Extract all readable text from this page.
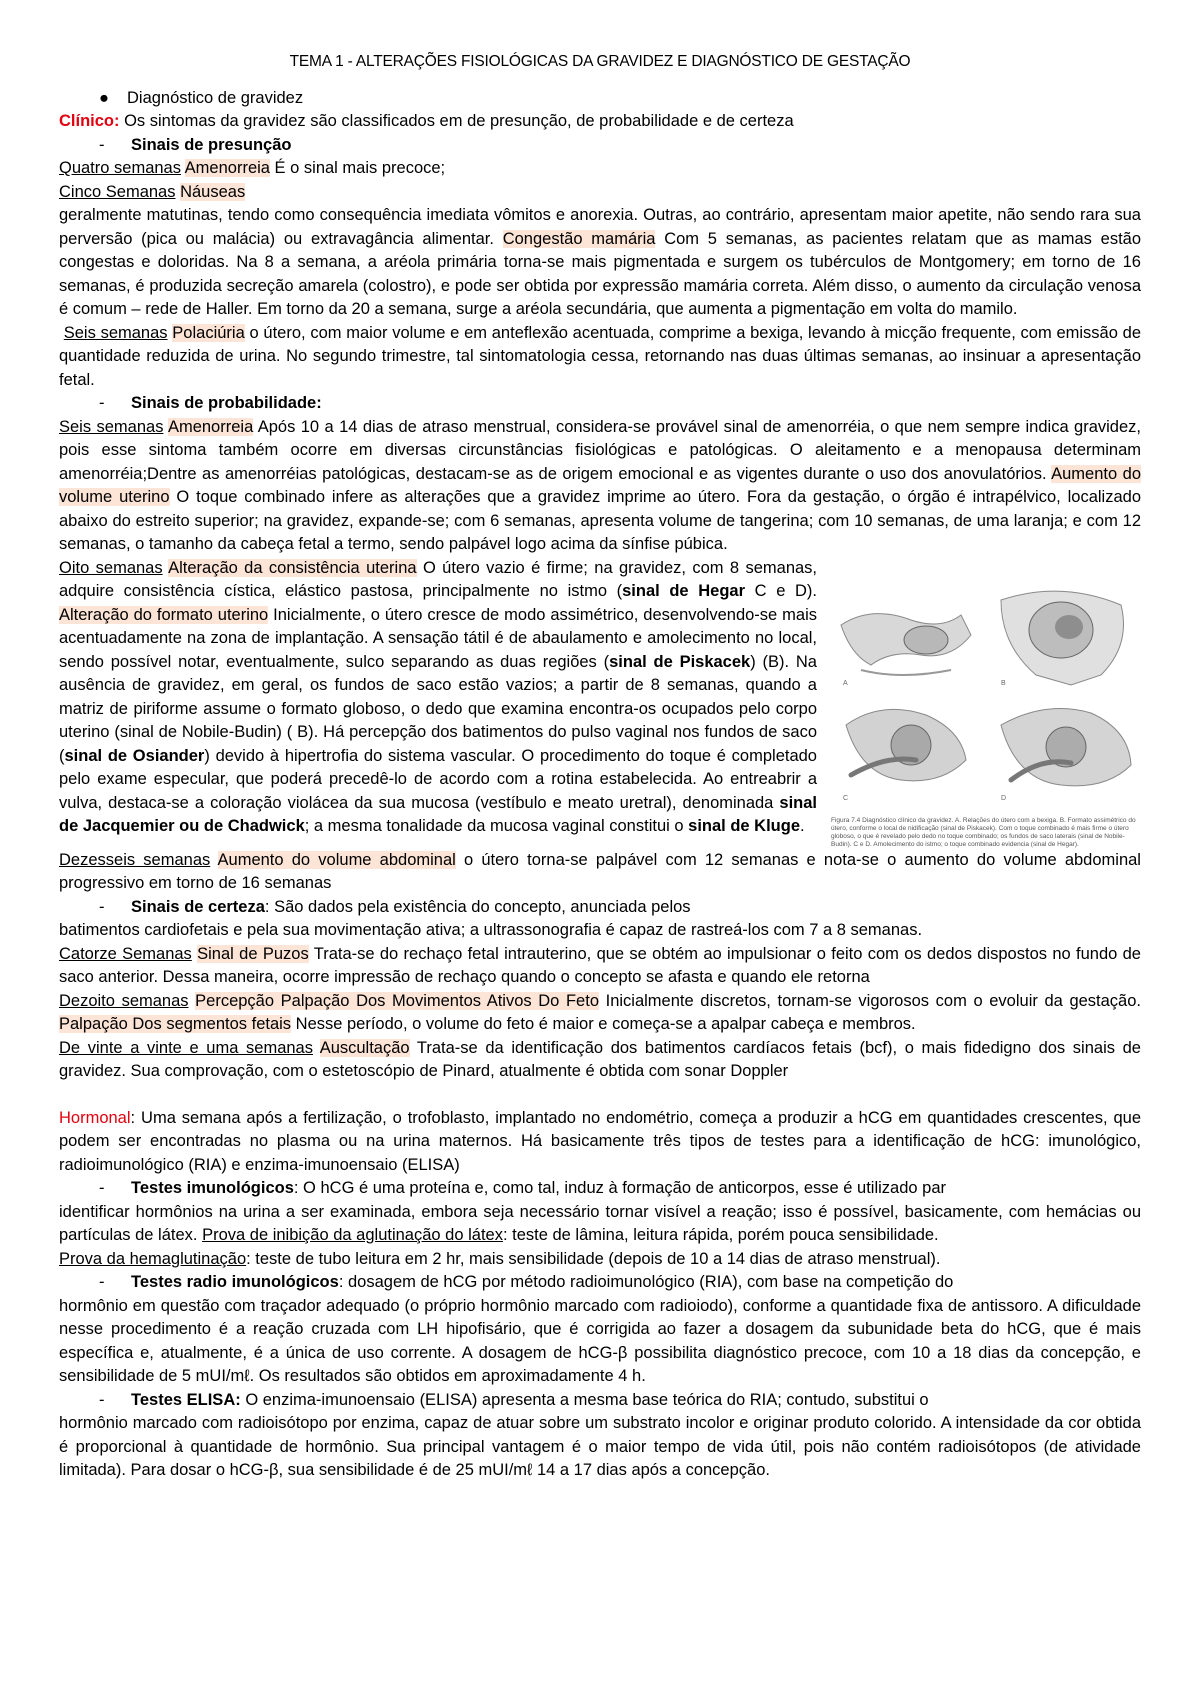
TEMA 1 - ALTERAÇÕES FISIOLÓGICAS DA GRAVIDEZ E DIAGNÓSTICO DE GESTAÇÃO

● Diagnóstico de gravidez

Clínico: Os sintomas da gravidez são classificados em de presunção, de probabilidade e de certeza

- Sinais de presunção

Quatro semanas Amenorreia É o sinal mais precoce;

Cinco Semanas Náuseas

geralmente matutinas, tendo como consequência imediata vômitos e anorexia. Outras, ao contrário, apresentam maior apetite, não sendo rara sua perversão (pica ou malácia) ou extravagância alimentar. Congestão mamária Com 5 semanas, as pacientes relatam que as mamas estão congestas e doloridas. Na 8 a semana, a aréola primária torna-se mais pigmentada e surgem os tubérculos de Montgomery; em torno de 16 semanas, é produzida secreção amarela (colostro), e pode ser obtida por expressão mamária correta. Além disso, o aumento da circulação venosa é comum – rede de Haller. Em torno da 20 a semana, surge a aréola secundária, que aumenta a pigmentação em volta do mamilo.

Seis semanas Polaciúria o útero, com maior volume e em anteflexão acentuada, comprime a bexiga, levando à micção frequente, com emissão de quantidade reduzida de urina. No segundo trimestre, tal sintomatologia cessa, retornando nas duas últimas semanas, ao insinuar a apresentação fetal.

- Sinais de probabilidade:

Seis semanas Amenorreia Após 10 a 14 dias de atraso menstrual, considera-se provável sinal de amenorréia, o que nem sempre indica gravidez, pois esse sintoma também ocorre em diversas circunstâncias fisiológicas e patológicas. O aleitamento e a menopausa determinam amenorréia;Dentre as amenorréias patológicas, destacam-se as de origem emocional e as vigentes durante o uso dos anovulatórios. Aumento do volume uterino O toque combinado infere as alterações que a gravidez imprime ao útero. Fora da gestação, o órgão é intrapélvico, localizado abaixo do estreito superior; na gravidez, expande-se; com 6 semanas, apresenta volume de tangerina; com 10 semanas, de uma laranja; e com 12 semanas, o tamanho da cabeça fetal a termo, sendo palpável logo acima da sínfise púbica.

A	B
C	D
Figura 7.4 Diagnóstico clínico da gravidez. A. Relações do útero com a bexiga. B. Formato assimétrico do útero, conforme o local de nidificação (sinal de Piskacek). Com o toque combinado é mais firme o útero globoso, o que é revelado pelo dedo no toque combinado; os fundos de saco laterais (sinal de Nobile-Budin). C e D. Amolecimento do istmo; o toque combinado evidencia (sinal de Hegar).

Oito semanas Alteração da consistência uterina O útero vazio é firme; na gravidez, com 8 semanas, adquire consistência cística, elástico pastosa, principalmente no istmo (sinal de Hegar C e D). Alteração do formato uterino Inicialmente, o útero cresce de modo assimétrico, desenvolvendo-se mais acentuadamente na zona de implantação. A sensação tátil é de abaulamento e amolecimento no local, sendo possível notar, eventualmente, sulco separando as duas regiões (sinal de Piskacek) (B). Na ausência de gravidez, em geral, os fundos de saco estão vazios; a partir de 8 semanas, quando a matriz de piriforme assume o formato globoso, o dedo que examina encontra-os ocupados pelo corpo uterino (sinal de Nobile-Budin) ( B). Há percepção dos batimentos do pulso vaginal nos fundos de saco (sinal de Osiander) devido à hipertrofia do sistema vascular. O procedimento do toque é completado pelo exame especular, que poderá precedê-lo de acordo com a rotina estabelecida. Ao entreabrir a vulva, destaca-se a coloração violácea da sua mucosa (vestíbulo e meato uretral), denominada sinal de Jacquemier ou de Chadwick; a mesma tonalidade da mucosa vaginal constitui o sinal de Kluge.

Dezesseis semanas Aumento do volume abdominal o útero torna-se palpável com 12 semanas e nota-se o aumento do volume abdominal progressivo em torno de 16 semanas

- Sinais de certeza: São dados pela existência do concepto, anunciada pelos

batimentos cardiofetais e pela sua movimentação ativa; a ultrassonografia é capaz de rastreá-los com 7 a 8 semanas.

Catorze Semanas Sinal de Puzos Trata-se do rechaço fetal intrauterino, que se obtém ao impulsionar o feito com os dedos dispostos no fundo de saco anterior. Dessa maneira, ocorre impressão de rechaço quando o concepto se afasta e quando ele retorna

Dezoito semanas Percepção Palpação Dos Movimentos Ativos Do Feto Inicialmente discretos, tornam-se vigorosos com o evoluir da gestação. Palpação Dos segmentos fetais Nesse período, o volume do feto é maior e começa-se a apalpar cabeça e membros.

De vinte a vinte e uma semanas Auscultação Trata-se da identificação dos batimentos cardíacos fetais (bcf), o mais fidedigno dos sinais de gravidez. Sua comprovação, com o estetoscópio de Pinard, atualmente é obtida com sonar Doppler

Hormonal: Uma semana após a fertilização, o trofoblasto, implantado no endométrio, começa a produzir a hCG em quantidades crescentes, que podem ser encontradas no plasma ou na urina maternos. Há basicamente três tipos de testes para a identificação de hCG: imunológico, radioimunológico (RIA) e enzima-imunoensaio (ELISA)

- Testes imunológicos: O hCG é uma proteína e, como tal, induz à formação de anticorpos, esse é utilizado par

identificar hormônios na urina a ser examinada, embora seja necessário tornar visível a reação; isso é possível, basicamente, com hemácias ou partículas de látex. Prova de inibição da aglutinação do látex: teste de lâmina, leitura rápida, porém pouca sensibilidade.

Prova da hemaglutinação: teste de tubo leitura em 2 hr, mais sensibilidade (depois de 10 a 14 dias de atraso menstrual).

- Testes radio imunológicos: dosagem de hCG por método radioimunológico (RIA), com base na competição do

hormônio em questão com traçador adequado (o próprio hormônio marcado com radioiodo), conforme a quantidade fixa de antissoro. A dificuldade nesse procedimento é a reação cruzada com LH hipofisário, que é corrigida ao fazer a dosagem da subunidade beta do hCG, que é mais específica e, atualmente, é a única de uso corrente. A dosagem de hCG-β possibilita diagnóstico precoce, com 10 a 18 dias da concepção, e sensibilidade de 5 mUI/mℓ. Os resultados são obtidos em aproximadamente 4 h.

- Testes ELISA: O enzima-imunoensaio (ELISA) apresenta a mesma base teórica do RIA; contudo, substitui o

hormônio marcado com radioisótopo por enzima, capaz de atuar sobre um substrato incolor e originar produto colorido. A intensidade da cor obtida é proporcional à quantidade de hormônio. Sua principal vantagem é o maior tempo de vida útil, pois não contém radioisótopos (de atividade limitada). Para dosar o hCG-β, sua sensibilidade é de 25 mUI/mℓ 14 a 17 dias após a concepção.
